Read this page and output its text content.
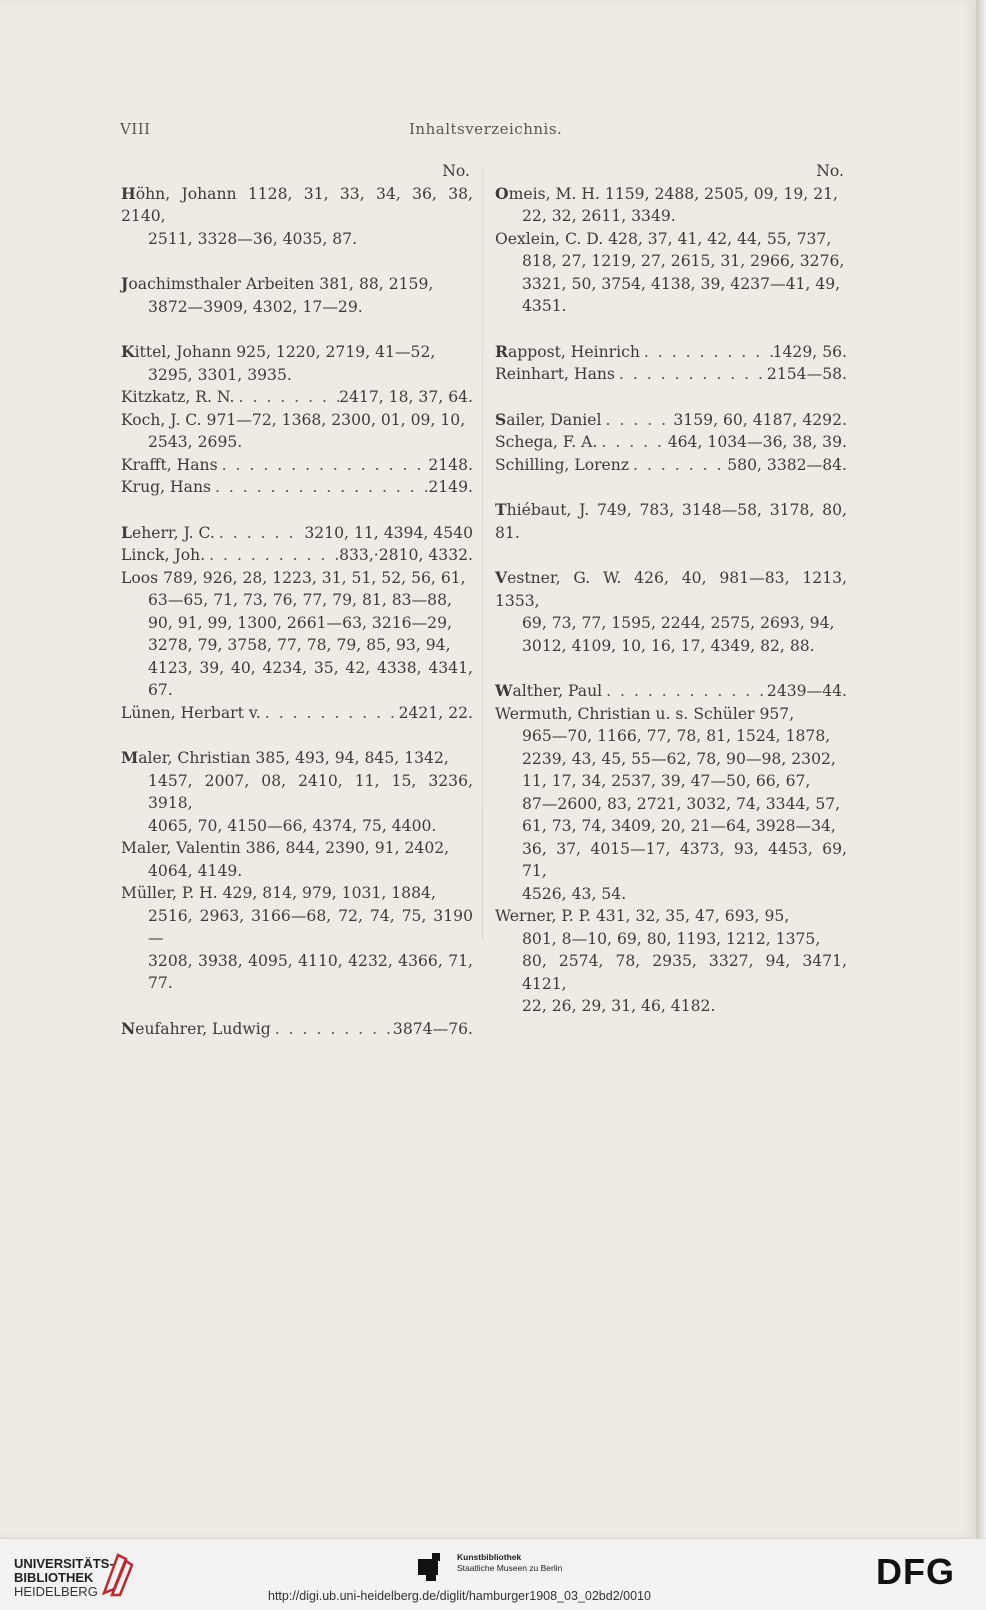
VIII	Inhaltsverzeichnis.
No.
Höhn, Johann 1128, 31, 33, 34, 36, 38, 2140,
2511, 3328—36, 4035, 87.
Joachimsthaler Arbeiten 381, 88, 2159,
3872—3909, 4302, 17—29.
Kittel, Johann 925, 1220, 2719, 41—52,
3295, 3301, 3935.
Kitzkatz, R. N. . . .	2417, 18, 37, 64.
Koch, J. C. 971—72, 1368, 2300, 01, 09, 10,
2543, 2695.
Krafft, Hans . . .	2148.
Krug, Hans . . .	2149.
Leherr, J. C. . . .	3210, 11, 4394, 4540
Linck, Joh. . . .	833,·2810, 4332.
Loos 789, 926, 28, 1223, 31, 51, 52, 56, 61,
63—65, 71, 73, 76, 77, 79, 81, 83—88,
90, 91, 99, 1300, 2661—63, 3216—29,
3278, 79, 3758, 77, 78, 79, 85, 93, 94,
4123, 39, 40, 4234, 35, 42, 4338, 4341, 67.
Lünen, Herbart v. . . .	2421, 22.
Maler, Christian 385, 493, 94, 845, 1342,
1457, 2007, 08, 2410, 11, 15, 3236, 3918,
4065, 70, 4150—66, 4374, 75, 4400.
Maler, Valentin 386, 844, 2390, 91, 2402,
4064, 4149.
Müller, P. H. 429, 814, 979, 1031, 1884,
2516, 2963, 3166—68, 72, 74, 75, 3190—
3208, 3938, 4095, 4110, 4232, 4366, 71, 77.
Neufahrer, Ludwig . . .	3874—76.
No.
Omeis, M. H. 1159, 2488, 2505, 09, 19, 21,
22, 32, 2611, 3349.
Oexlein, C. D. 428, 37, 41, 42, 44, 55, 737,
818, 27, 1219, 27, 2615, 31, 2966, 3276,
3321, 50, 3754, 4138, 39, 4237—41, 49,
4351.
Rappost, Heinrich . . .	1429, 56.
Reinhart, Hans . . .	2154—58.
Sailer, Daniel . . .	3159, 60, 4187, 4292.
Schega, F. A. . . .	464, 1034—36, 38, 39.
Schilling, Lorenz . . .	580, 3382—84.
Thiébaut, J. 749, 783, 3148—58, 3178, 80, 81.
Vestner, G. W. 426, 40, 981—83, 1213, 1353,
69, 73, 77, 1595, 2244, 2575, 2693, 94,
3012, 4109, 10, 16, 17, 4349, 82, 88.
Walther, Paul . . .	2439—44.
Wermuth, Christian u. s. Schüler 957,
965—70, 1166, 77, 78, 81, 1524, 1878,
2239, 43, 45, 55—62, 78, 90—98, 2302,
11, 17, 34, 2537, 39, 47—50, 66, 67,
87—2600, 83, 2721, 3032, 74, 3344, 57,
61, 73, 74, 3409, 20, 21—64, 3928—34,
36, 37, 4015—17, 4373, 93, 4453, 69, 71,
4526, 43, 54.
Werner, P. P. 431, 32, 35, 47, 693, 95,
801, 8—10, 69, 80, 1193, 1212, 1375,
80, 2574, 78, 2935, 3327, 94, 3471, 4121,
22, 26, 29, 31, 46, 4182.
UNIVERSITÄTS-
BIBLIOTHEK
HEIDELBERG
Kunstbibliothek
Staatliche Museen zu Berlin	DFG
http://digi.ub.uni-heidelberg.de/diglit/hamburger1908_03_02bd2/0010
